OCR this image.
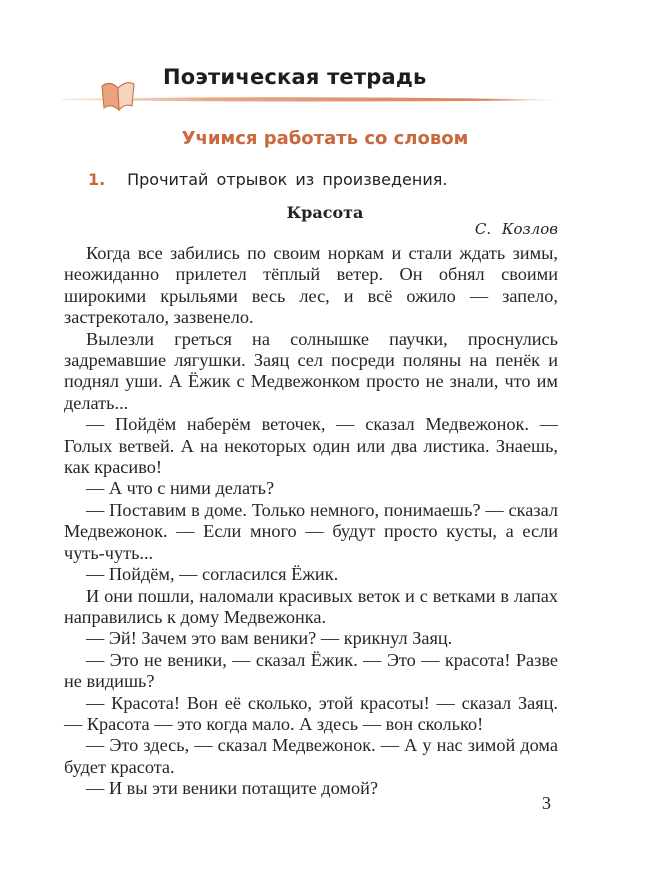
Поэтическая тетрадь
Учимся работать со словом
1. Прочитай отрывок из произведения.
Красота
С. Козлов

Когда все забились по своим норкам и стали ждать зимы, неожиданно прилетел тёплый ветер. Он обнял своими широкими крыльями весь лес, и всё ожило — запело, застрекотало, зазвенело.

Вылезли греться на солнышке паучки, проснулись задремавшие лягушки. Заяц сел посреди поляны на пенёк и поднял уши. А Ёжик с Медвежонком просто не знали, что им делать...

— Пойдём наберём веточек, — сказал Медвежонок. — Голых ветвей. А на некоторых один или два листика. Знаешь, как красиво!

— А что с ними делать?

— Поставим в доме. Только немного, понимаешь? — сказал Медвежонок. — Если много — будут просто кусты, а если чуть-чуть...

— Пойдём, — согласился Ёжик.

И они пошли, наломали красивых веток и с ветками в лапах направились к дому Медвежонка.

— Эй! Зачем это вам веники? — крикнул Заяц.

— Это не веники, — сказал Ёжик. — Это — красота! Разве не видишь?

— Красота! Вон её сколько, этой красоты! — сказал Заяц. — Красота — это когда мало. А здесь — вон сколько!

— Это здесь, — сказал Медвежонок. — А у нас зимой дома будет красота.

— И вы эти веники потащите домой?

3
